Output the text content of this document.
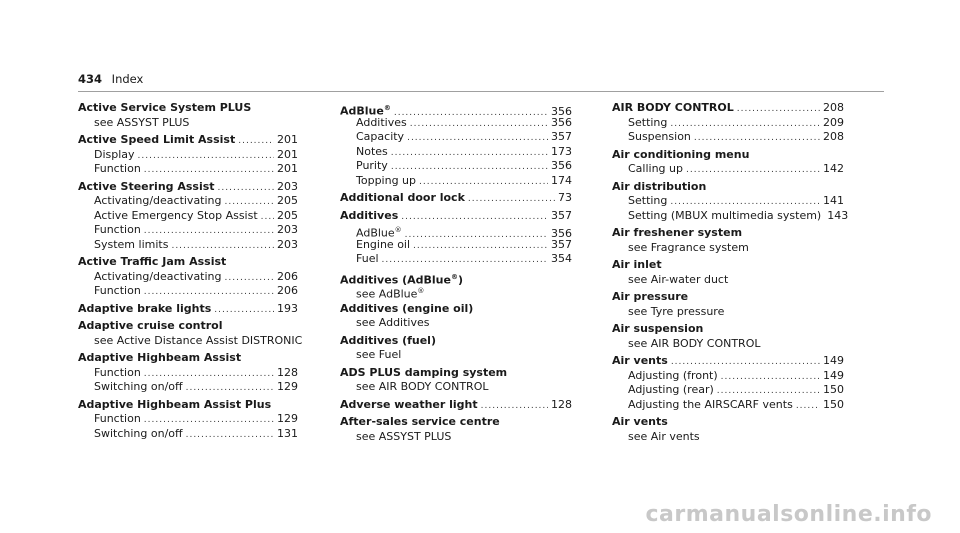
434 Index
Active Service System PLUS
see ASSYST PLUS
Active Speed Limit Assist .....	201
Display .....	201
Function .....	201
Active Steering Assist .....	203
Activating/deactivating .....	205
Active Emergency Stop Assist ..... 205
Function .....	203
System limits .....	203
Active Traffic Jam Assist
Activating/deactivating .....	206
Function .....	206
Adaptive brake lights .....	193
Adaptive cruise control
see Active Distance Assist DISTRONIC
Adaptive Highbeam Assist
Function .....	128
Switching on/off .....	129
Adaptive Highbeam Assist Plus
Function .....	129
Switching on/off .....	131
AdBlue® .....	356
Additives .....	356
Capacity .....	357
Notes .....	173
Purity .....	356
Topping up .....	174
Additional door lock .....	73
Additives .....	357
AdBlue® .....	356
Engine oil .....	357
Fuel .....	354
Additives (AdBlue®)
see AdBlue®
Additives (engine oil)
see Additives
Additives (fuel)
see Fuel
ADS PLUS damping system
see AIR BODY CONTROL
Adverse weather light .....	128
After-sales service centre
see ASSYST PLUS
AIR BODY CONTROL .....	208
Setting .....	209
Suspension .....	208
Air conditioning menu
Calling up .....	142
Air distribution
Setting .....	141
Setting (MBUX multimedia system) 143
Air freshener system
see Fragrance system
Air inlet
see Air-water duct
Air pressure
see Tyre pressure
Air suspension
see AIR BODY CONTROL
Air vents .....	149
Adjusting (front) .....	149
Adjusting (rear) .....	150
Adjusting the AIRSCARF vents .....	150
Air vents
see Air vents
carmanualsonline.info
